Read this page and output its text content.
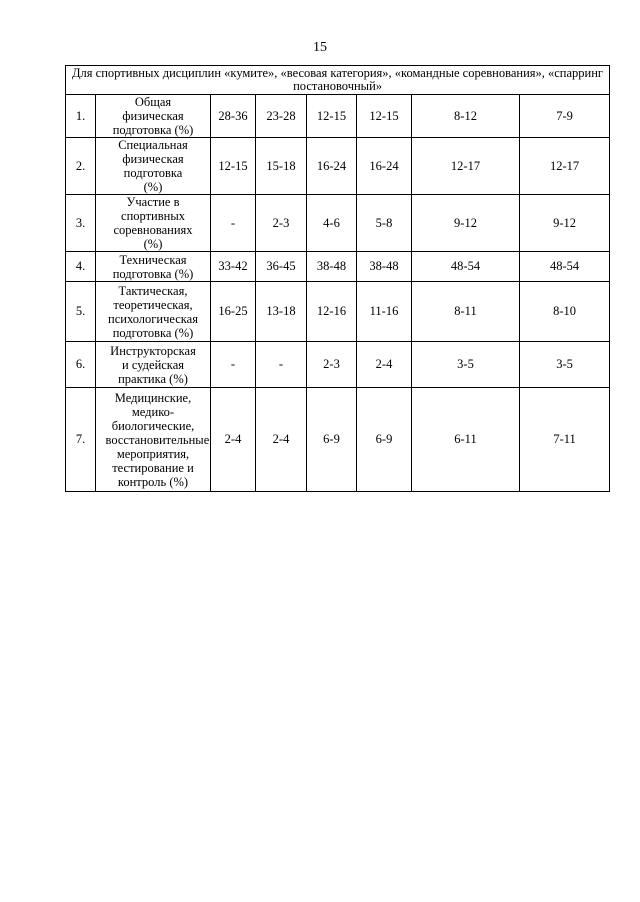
15
Для спортивных дисциплин «кумите», «весовая категория», «командные соревнования», «спарринг постановочный»							
1.	Общая физическая подготовка (%)	28-36	23-28	12-15	12-15	8-12	7-9
2.	Специальная физическая подготовка (%)	12-15	15-18	16-24	16-24	12-17	12-17
3.	Участие в спортивных соревнованиях (%)	-	2-3	4-6	5-8	9-12	9-12
4.	Техническая подготовка (%)	33-42	36-45	38-48	38-48	48-54	48-54
5.	Тактическая, теоретическая, психологическая подготовка (%)	16-25	13-18	12-16	11-16	8-11	8-10
6.	Инструкторская и судейская практика (%)	-	-	2-3	2-4	3-5	3-5
7.	Медицинские, медико-биологические, восстановительные мероприятия, тестирование и контроль (%)	2-4	2-4	6-9	6-9	6-11	7-11
